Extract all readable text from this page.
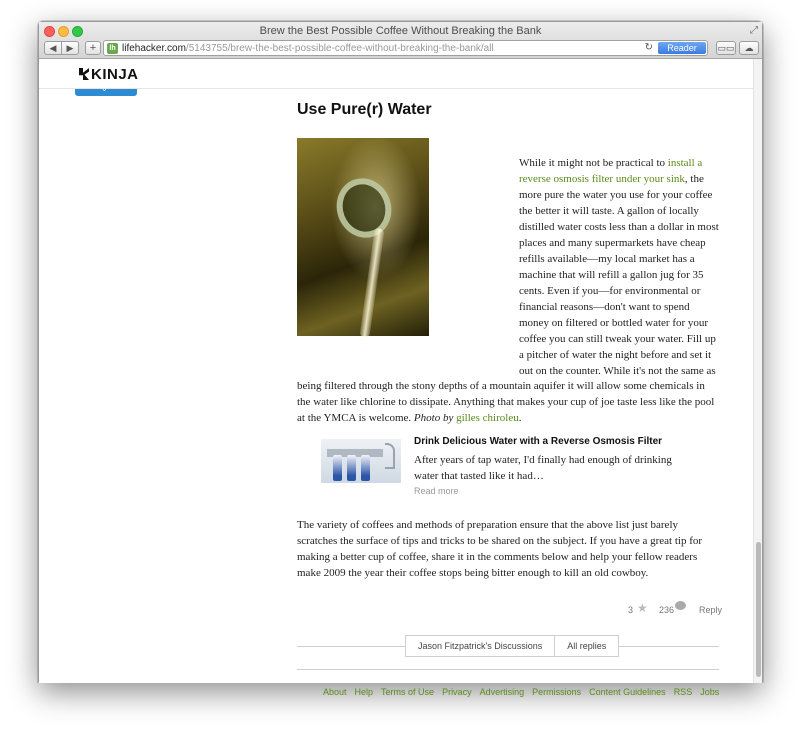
Brew the Best Possible Coffee Without Breaking the Bank	⤢
◀ ▶ +	lh lifehacker.com /5143755/brew-the-best-possible-coffee-without-breaking-the-bank/all	↻	Reader	▭▭ ☁
KINJA
⌄
Use Pure(r) Water

While it might not be practical to install a reverse osmosis filter under your sink, the more pure the water you use for your coffee the better it will taste. A gallon of locally distilled water costs less than a dollar in most places and many supermarkets have cheap refills available—my local market has a machine that will refill a gallon jug for 35 cents. Even if you—for environmental or financial reasons—don't want to spend money on filtered or bottled water for your coffee you can still tweak your water. Fill up a pitcher of water the night before and set it out on the counter. While it's not the same as

being filtered through the stony depths of a mountain aquifer it will allow some chemicals in the water like chlorine to dissipate. Anything that makes your cup of joe taste less like the pool at the YMCA is welcome. Photo by gilles chiroleu.

Drink Delicious Water with a Reverse Osmosis Filter
After years of tap water, I'd finally had enough of drinking water that tasted like it had…
Read more

The variety of coffees and methods of preparation ensure that the above list just barely scratches the surface of tips and tricks to be shared on the subject. If you have a great tip for making a better cup of coffee, share it in the comments below and help your fellow readers make 2009 the year their coffee stops being bitter enough to kill an old cowboy.

3 ★ 236	Reply
Jason Fitzpatrick's Discussions	All replies
About Help Terms of Use Privacy Advertising Permissions Content Guidelines RSS Jobs
